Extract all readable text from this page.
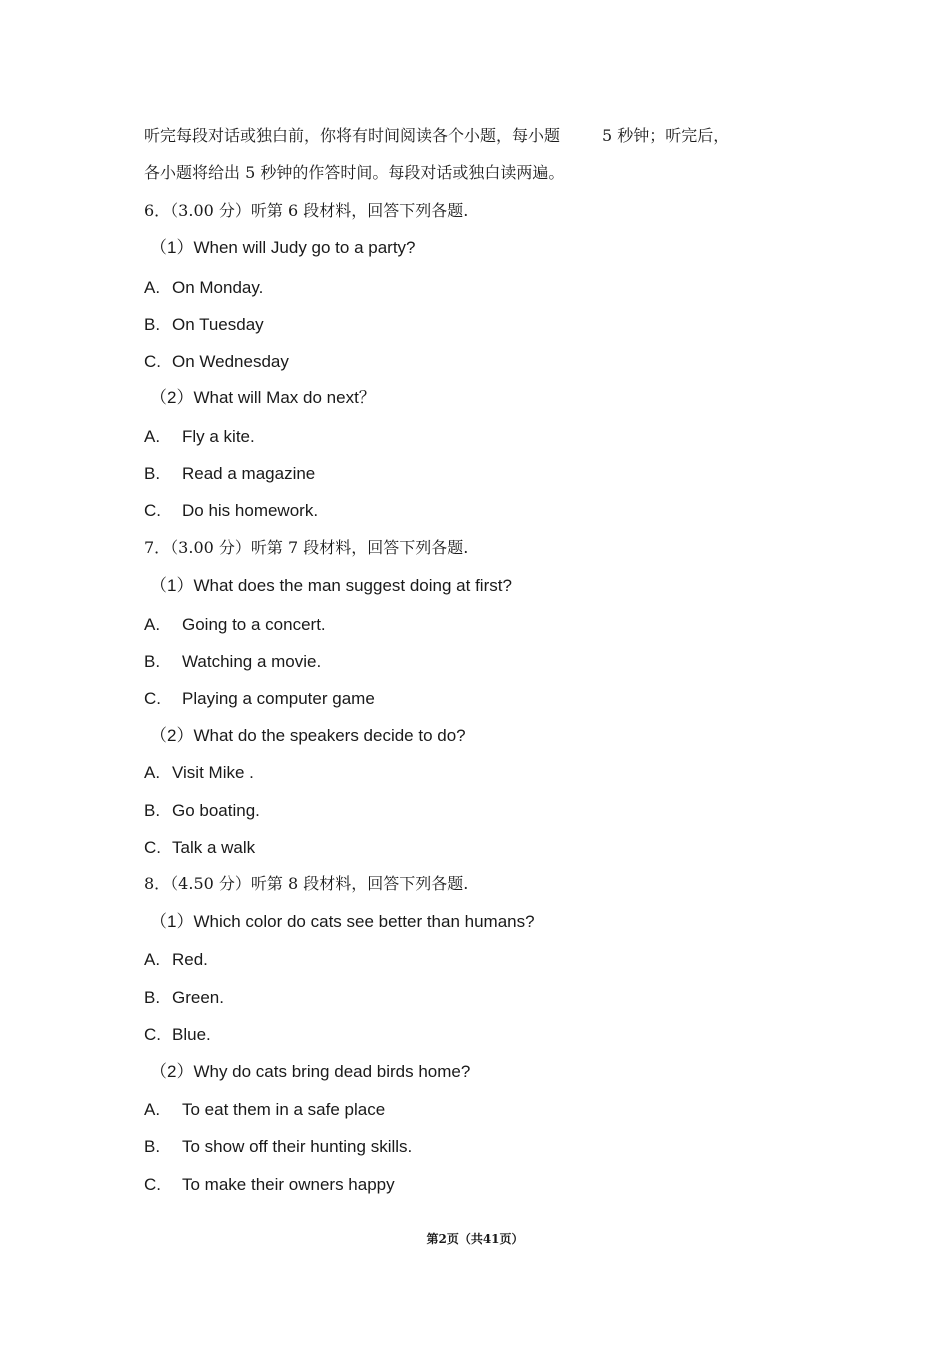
听完每段对话或独白前，你将有时间阅读各个小题，每小题	5 秒钟；听完后，
各小题将给出 5 秒钟的作答时间。每段对话或独白读两遍。
6．（3.00 分）听第 6 段材料，回答下列各题.
（1）When will Judy go to a party?
A. On Monday.
B. On Tuesday
C. On Wednesday
（2）What will Max do next？
A. Fly a kite.
B. Read a magazine
C. Do his homework.
7．（3.00 分）听第 7 段材料，回答下列各题.
（1）What does the man suggest doing at first?
A. Going to a concert.
B. Watching a movie.
C. Playing a computer game
（2）What do the speakers decide to do?
A. Visit Mike .
B. Go boating.
C. Talk a walk
8．（4.50 分）听第 8 段材料，回答下列各题.
（1）Which color do cats see better than humans?
A. Red.
B. Green.
C. Blue.
（2）Why do cats bring dead birds home?
A. To eat them in a safe place
B. To show off their hunting skills.
C. To make their owners happy
第2页（共41页）
